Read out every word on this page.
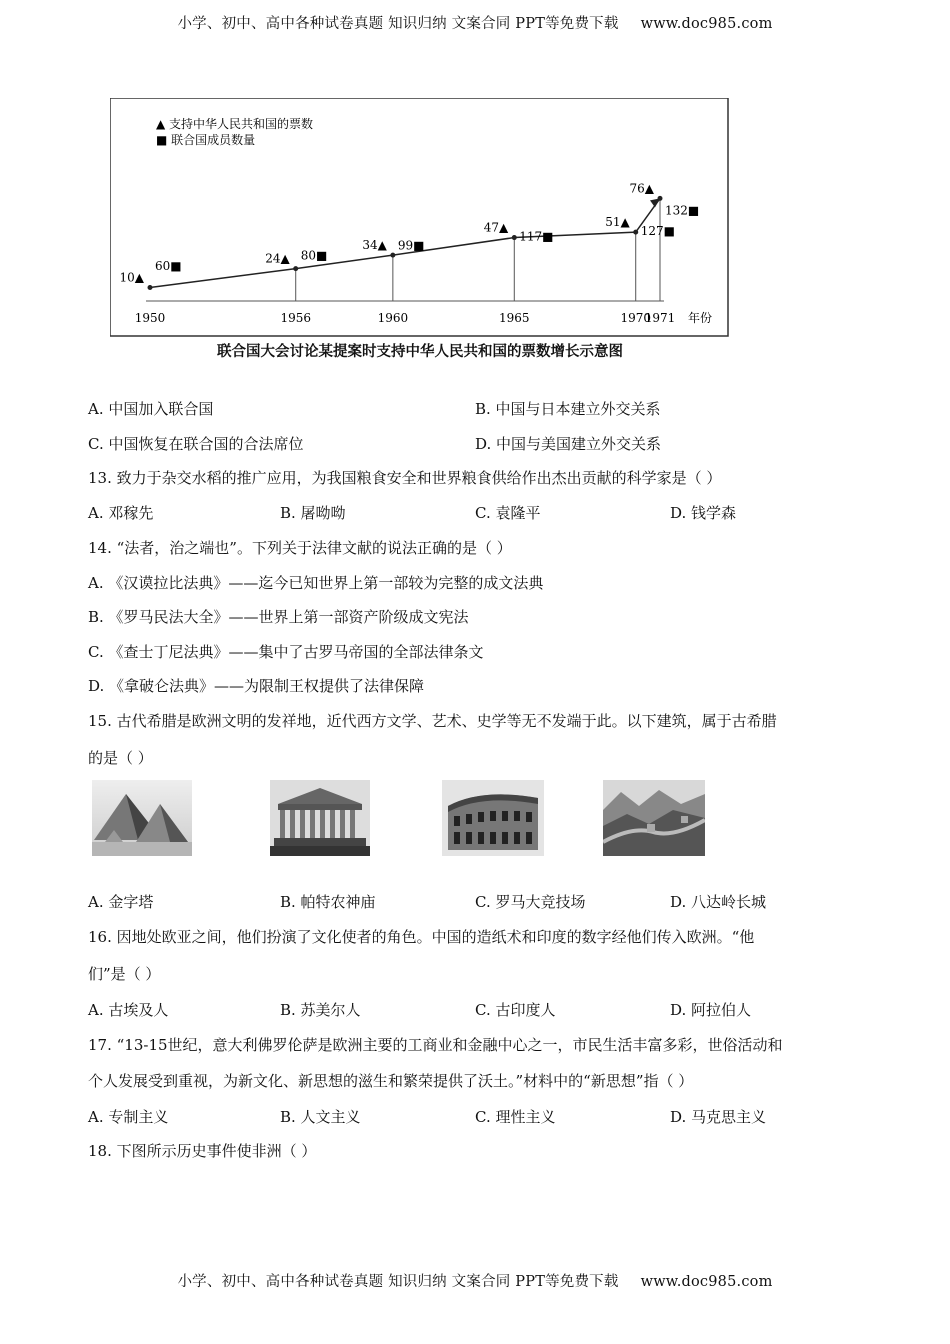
小学、初中、高中各种试卷真题 知识归纳 文案合同 PPT等免费下载 www.doc985.com
▲ 支持中华人民共和国的票数
■ 联合国成员数量
10▲
60■
24▲ 80■
34▲ 99■
47▲
117■
51▲
127■
76▲
132■
1950	1956	1960	1965	1970
1971 年份
联合国大会讨论某提案时支持中华人民共和国的票数增长示意图
A. 中国加入联合国	B. 中国与日本建立外交关系
C. 中国恢复在联合国的合法席位	D. 中国与美国建立外交关系
13. 致力于杂交水稻的推广应用，为我国粮食安全和世界粮食供给作出杰出贡献的科学家是（ ）
A. 邓稼先	B. 屠呦呦	C. 袁隆平	D. 钱学森
14. “法者，治之端也”。下列关于法律文献的说法正确的是（ ）
A. 《汉谟拉比法典》——迄今已知世界上第一部较为完整的成文法典
B. 《罗马民法大全》——世界上第一部资产阶级成文宪法
C. 《查士丁尼法典》——集中了古罗马帝国的全部法律条文
D. 《拿破仑法典》——为限制王权提供了法律保障
15. 古代希腊是欧洲文明的发祥地，近代西方文学、艺术、史学等无不发端于此。以下建筑，属于古希腊
的是（ ）
A. 金字塔	B. 帕特农神庙	C. 罗马大竞技场	D. 八达岭长城
16. 因地处欧亚之间，他们扮演了文化使者的角色。中国的造纸术和印度的数字经他们传入欧洲。“他
们”是（ ）
A. 古埃及人	B. 苏美尔人	C. 古印度人	D. 阿拉伯人
17. “13-15世纪，意大利佛罗伦萨是欧洲主要的工商业和金融中心之一，市民生活丰富多彩，世俗活动和
个人发展受到重视，为新文化、新思想的滋生和繁荣提供了沃土。”材料中的“新思想”指（ ）
A. 专制主义	B. 人文主义	C. 理性主义	D. 马克思主义
18. 下图所示历史事件使非洲（ ）
小学、初中、高中各种试卷真题 知识归纳 文案合同 PPT等免费下载 www.doc985.com
